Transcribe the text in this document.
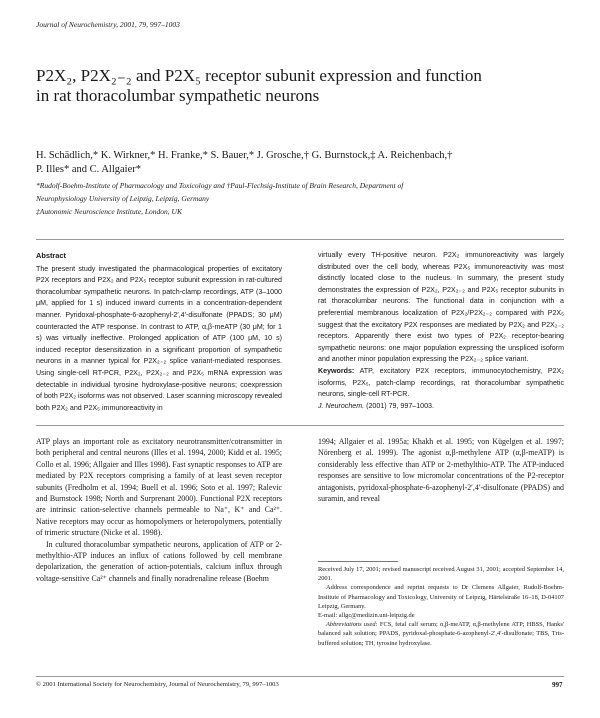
Journal of Neurochemistry, 2001, 79, 997–1003
P2X₂, P2X₂₋₂ and P2X₅ receptor subunit expression and function
in rat thoracolumbar sympathetic neurons
H. Schädlich,* K. Wirkner,* H. Franke,* S. Bauer,* J. Grosche,† G. Burnstock,‡ A. Reichenbach,†
P. Illes* and C. Allgaier*
*Rudolf-Boehm-Institute of Pharmacology and Toxicology and †Paul-Flechsig-Institute of Brain Research, Department of
Neurophysiology University of Leipzig, Leipzig, Germany
‡Autonomic Neuroscience Institute, London, UK
Abstract

The present study investigated the pharmacological properties of excitatory P2X receptors and P2X₂ and P2X₅ receptor subunit expression in rat-cultured thoracolumbar sympathetic neurons. In patch-clamp recordings, ATP (3–1000 μM, applied for 1 s) induced inward currents in a concentration-dependent manner. Pyridoxal-phosphate-6-azophenyl-2′,4′-disulfonate (PPADS; 30 μM) counteracted the ATP response. In contrast to ATP, α,β-meATP (30 μM; for 1 s) was virtually ineffective. Prolonged application of ATP (100 μM, 10 s) induced receptor desensitization in a significant proportion of sympathetic neurons in a manner typical for P2X₂₋₂ splice variant-mediated responses. Using single-cell RT-PCR, P2X₂, P2X₂₋₂ and P2X₅ mRNA expression was detectable in individual tyrosine hydroxylase-positive neurons; coexpression of both P2X₂ isoforms was not observed. Laser scanning microscopy revealed both P2X₂ and P2X₅ immunoreactivity in

virtually every TH-positive neuron. P2X₂ immunoreactivity was largely distributed over the cell body, whereas P2X₅ immunoreactivity was most distinctly located close to the nucleus. In summary, the present study demonstrates the expression of P2X₂, P2X₂₋₂ and P2X₅ receptor subunits in rat thoracolumbar neurons. The functional data in conjunction with a preferential membranous localization of P2X₂/P2X₂₋₂ compared with P2X₅ suggest that the excitatory P2X responses are mediated by P2X₂ and P2X₂₋₂ receptors. Apparently there exist two types of P2X₂ receptor-bearing sympathetic neurons: one major population expressing the unspliced isoform and another minor population expressing the P2X₂₋₂ splice variant.

Keywords: ATP, excitatory P2X receptors, immunocytochemistry, P2X₂ isoforms, P2X₅, patch-clamp recordings, rat thoracolumbar sympathetic neurons, single-cell RT-PCR.

J. Neurochem. (2001) 79, 997–1003.

ATP plays an important role as excitatory neurotransmitter/cotransmitter in both peripheral and central neurons (Illes et al. 1994, 2000; Kidd et al. 1995; Collo et al. 1996; Allgaier and Illes 1998). Fast synaptic responses to ATP are mediated by P2X receptors comprising a family of at least seven receptor subunits (Fredholm et al. 1994; Buell et al. 1996; Soto et al. 1997; Ralevic and Burnstock 1998; North and Surprenant 2000). Functional P2X receptors are intrinsic cation-selective channels permeable to Na⁺, K⁺ and Ca²⁺. Native receptors may occur as homopolymers or heteropolymers, potentially of trimeric structure (Nicke et al. 1998).

In cultured thoracolumbar sympathetic neurons, application of ATP or 2-methylthio-ATP induces an influx of cations followed by cell membrane depolarization, the generation of action-potentials, calcium influx through voltage-sensitive Ca²⁺ channels and finally noradrenaline release (Boehm

1994; Allgaier et al. 1995a; Khakh et al. 1995; von Kügelgen et al. 1997; Nörenberg et al. 1999). The agonist α,β-methylene ATP (α,β-meATP) is considerably less effective than ATP or 2-methylthio-ATP. The ATP-induced responses are sensitive to low micromolar concentrations of the P2-receptor antagonists, pyridoxal-phosphate-6-azophenyl-2′,4′-disulfonate (PPADS) and suramin, and reveal

Received July 17, 2001; revised manuscript received August 31, 2001; accepted September 14, 2001.

Address correspondence and reprint requests to Dr Clemens Allgaier, Rudolf-Boehm-Institute of Pharmacology and Toxicology, University of Leipzig, Härtelstraße 16–18, D-04107 Leipzig, Germany.

E-mail: allgc@medizin.uni-leipzig.de

Abbreviations used: FCS, fetal calf serum; α,β-meATP, α,β-methylene ATP; HBSS, Hanks' balanced salt solution; PPADS, pyridoxal-phosphate-6-azophenyl-2′,4′-disulfonate; TBS, Tris-buffered solution; TH, tyrosine hydroxylase.

© 2001 International Society for Neurochemistry, Journal of Neurochemistry, 79, 997–1003	997
